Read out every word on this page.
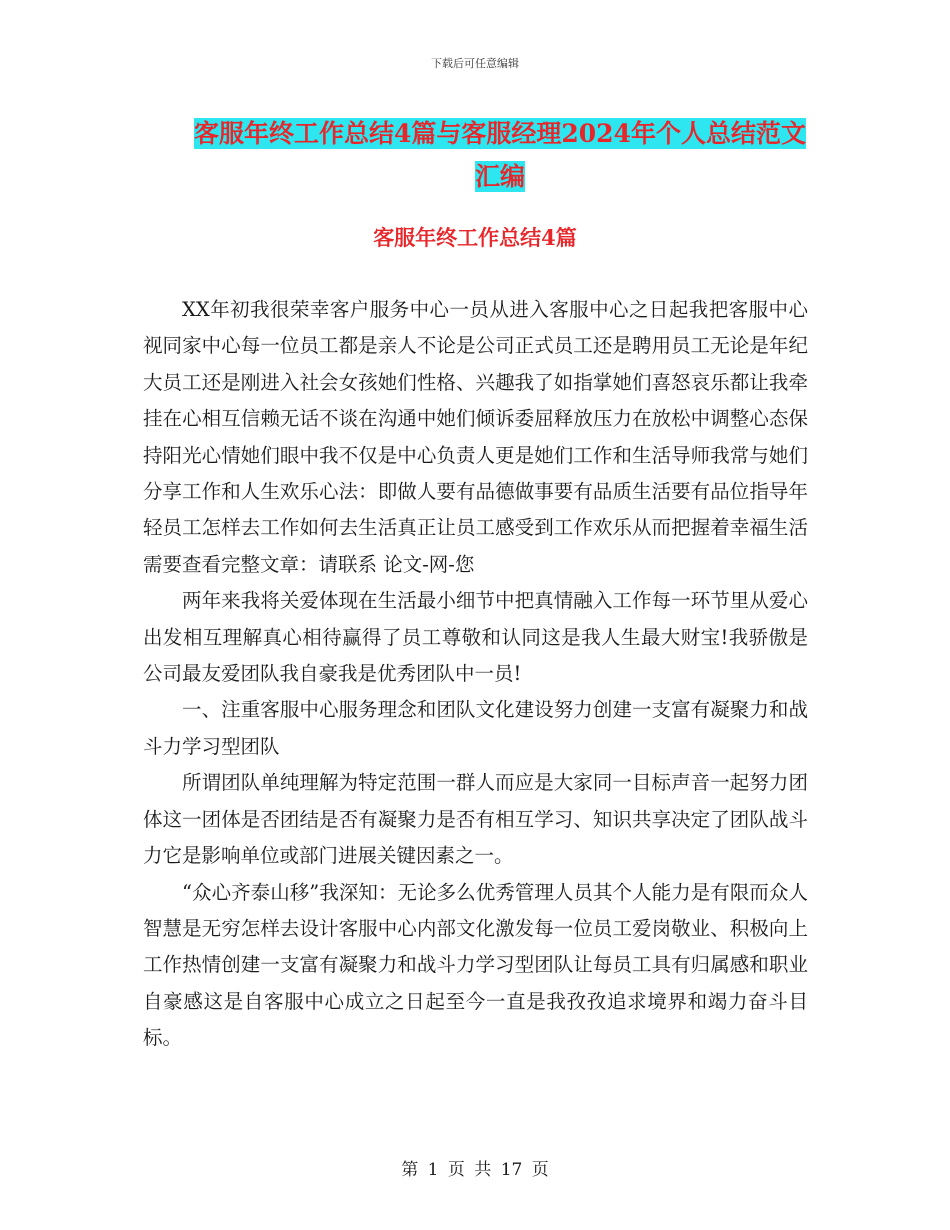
下载后可任意编辑
客服年终工作总结4篇与客服经理2024年个人总结范文汇编
客服年终工作总结4篇

XX年初我很荣幸客户服务中心一员从进入客服中心之日起我把客服中心视同家中心每一位员工都是亲人不论是公司正式员工还是聘用员工无论是年纪大员工还是刚进入社会女孩她们性格、兴趣我了如指掌她们喜怒哀乐都让我牵挂在心相互信赖无话不谈在沟通中她们倾诉委屈释放压力在放松中调整心态保持阳光心情她们眼中我不仅是中心负责人更是她们工作和生活导师我常与她们分享工作和人生欢乐心法：即做人要有品德做事要有品质生活要有品位指导年轻员工怎样去工作如何去生活真正让员工感受到工作欢乐从而把握着幸福生活 需要查看完整文章：请联系 论文-网-您

两年来我将关爱体现在生活最小细节中把真情融入工作每一环节里从爱心出发相互理解真心相待赢得了员工尊敬和认同这是我人生最大财宝!我骄傲是公司最友爱团队我自豪我是优秀团队中一员!

一、注重客服中心服务理念和团队文化建设努力创建一支富有凝聚力和战斗力学习型团队

所谓团队单纯理解为特定范围一群人而应是大家同一目标声音一起努力团体这一团体是否团结是否有凝聚力是否有相互学习、知识共享决定了团队战斗力它是影响单位或部门进展关键因素之一。

“众心齐泰山移”我深知：无论多么优秀管理人员其个人能力是有限而众人智慧是无穷怎样去设计客服中心内部文化激发每一位员工爱岗敬业、积极向上工作热情创建一支富有凝聚力和战斗力学习型团队让每员工具有归属感和职业自豪感这是自客服中心成立之日起至今一直是我孜孜追求境界和竭力奋斗目标。

第 1 页 共 17 页
